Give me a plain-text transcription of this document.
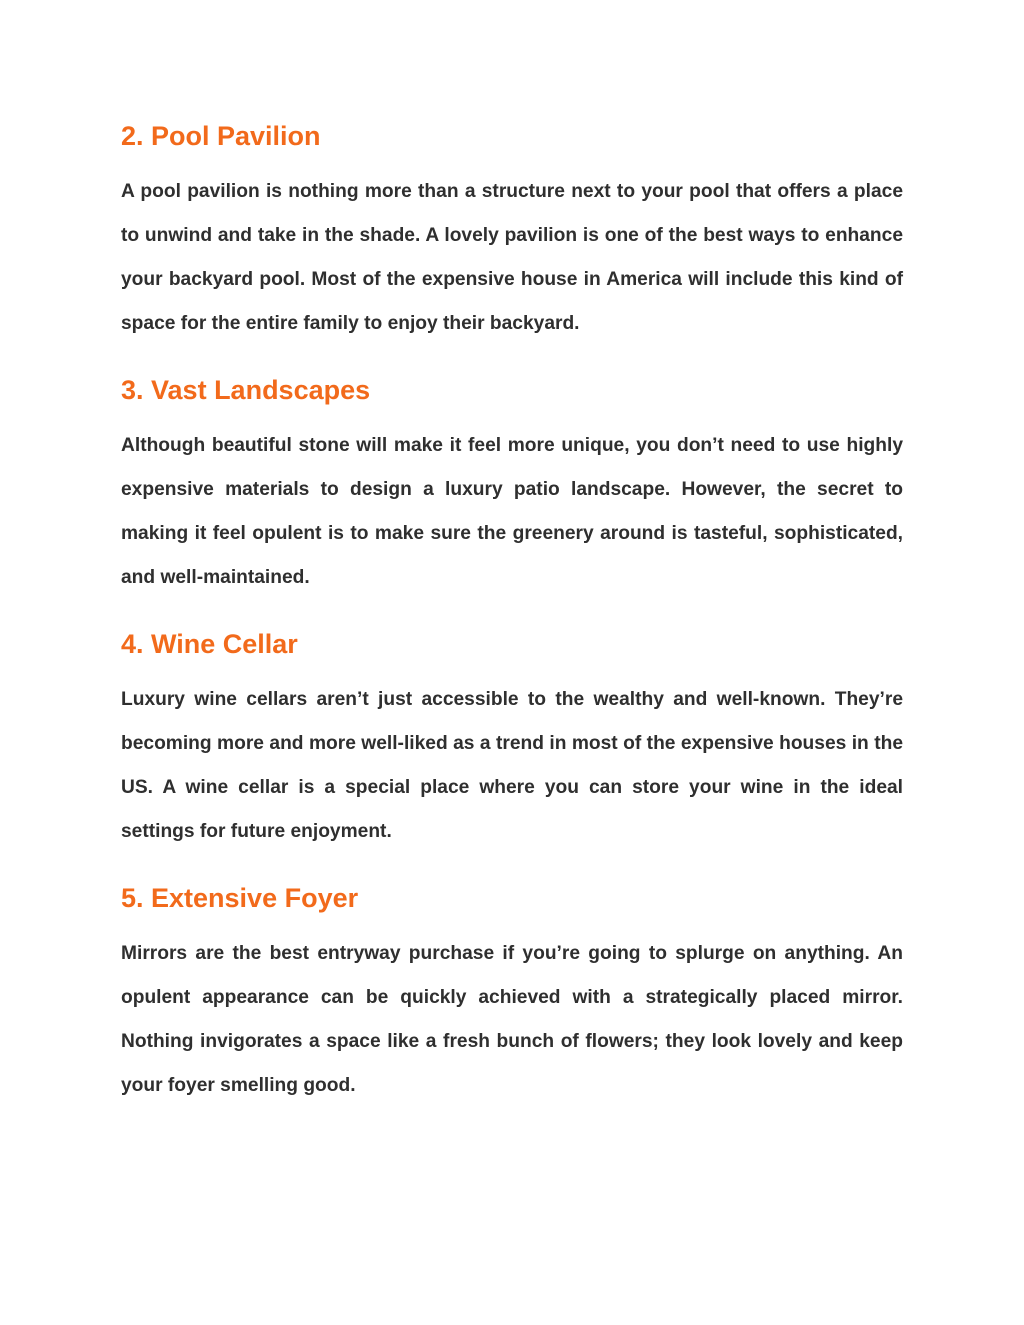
2. Pool Pavilion

A pool pavilion is nothing more than a structure next to your pool that offers a place to unwind and take in the shade. A lovely pavilion is one of the best ways to enhance your backyard pool. Most of the expensive house in America will include this kind of space for the entire family to enjoy their backyard.

3. Vast Landscapes

Although beautiful stone will make it feel more unique, you don’t need to use highly expensive materials to design a luxury patio landscape. However, the secret to making it feel opulent is to make sure the greenery around is tasteful, sophisticated, and well-maintained.

4. Wine Cellar

Luxury wine cellars aren’t just accessible to the wealthy and well-known. They’re becoming more and more well-liked as a trend in most of the expensive houses in the US. A wine cellar is a special place where you can store your wine in the ideal settings for future enjoyment.

5. Extensive Foyer

Mirrors are the best entryway purchase if you’re going to splurge on anything. An opulent appearance can be quickly achieved with a strategically placed mirror. Nothing invigorates a space like a fresh bunch of flowers; they look lovely and keep your foyer smelling good.
